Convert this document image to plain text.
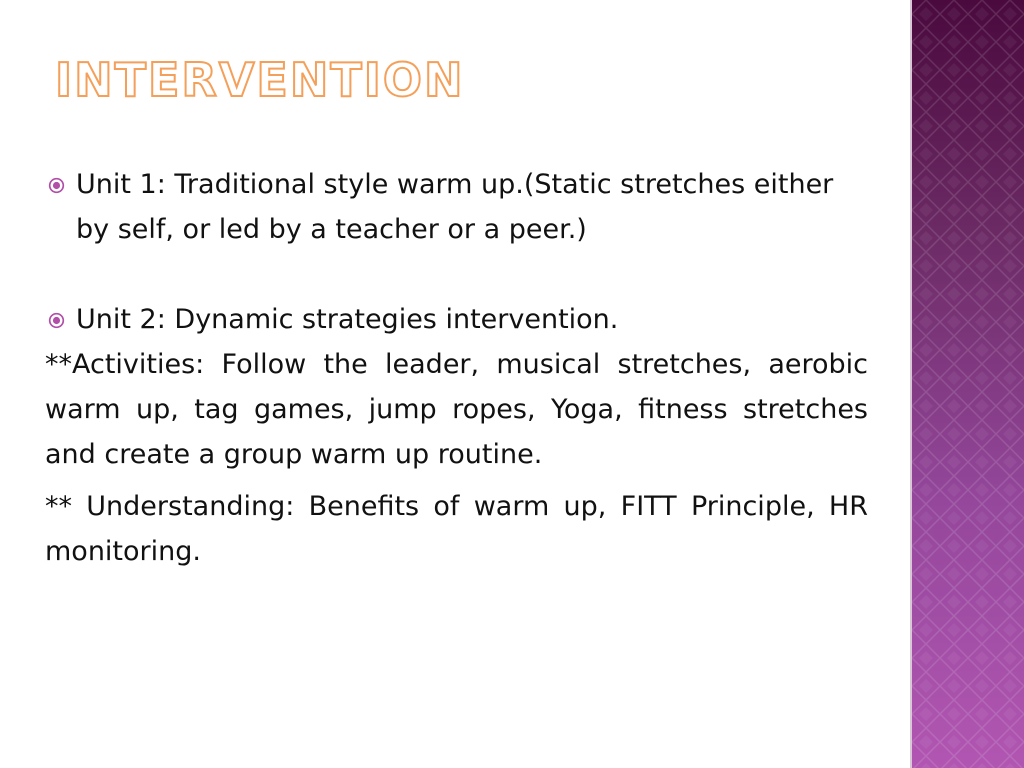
INTERVENTION
Unit 1: Traditional style warm up.(Static stretches either by self, or led by a teacher or a peer.)
Unit 2: Dynamic strategies intervention.

**Activities: Follow the leader, musical stretches, aerobic warm up, tag games, jump ropes, Yoga, fitness stretches and create a group warm up routine.

** Understanding: Benefits of warm up, FITT Principle, HR monitoring.
